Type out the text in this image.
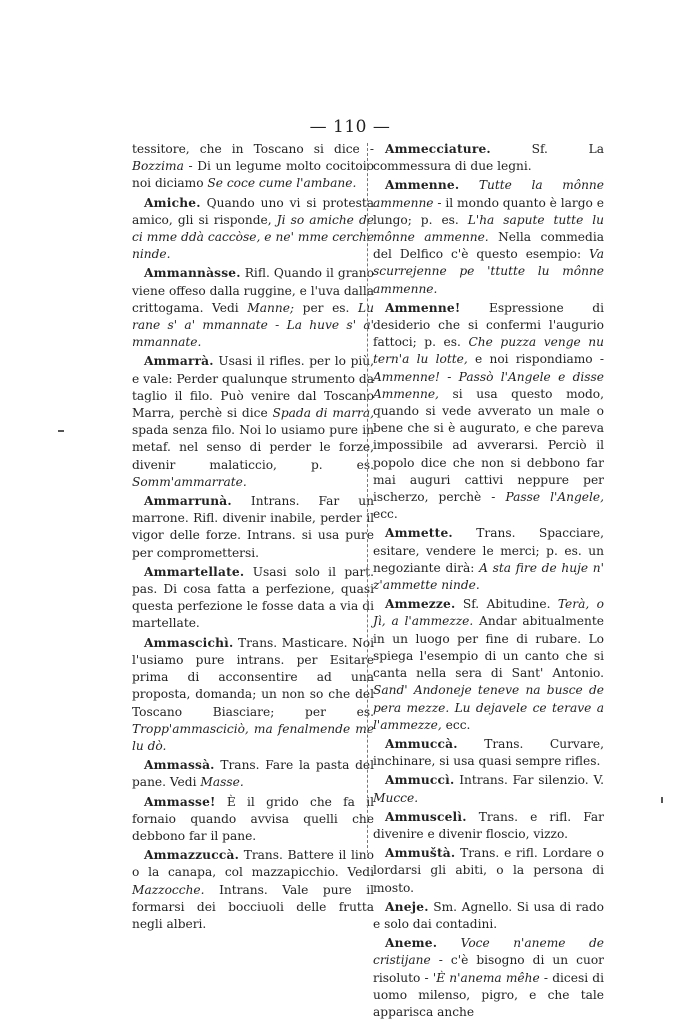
— 110 —

tessitore, che in Toscano si dice - Bozzima - Di un legume molto cocitoio noi diciamo Se coce cume l'ambane.

Amiche. Quando uno vi si protesta amico, gli si risponde, Ji so amiche de ci mme ddà caccòse, e ne' mme cerche ninde.

Ammannàsse. Rifl. Quando il grano viene offeso dalla ruggine, e l'uva dalla crittogama. Vedi Manne; per es. Lu rane s' a' mmannate - La huve s' a' mmannate.

Ammarrà. Usasi il rifles. per lo più, e vale: Perder qualunque strumento da taglio il filo. Può venire dal Toscano Marra, perchè si dice Spada di marra, spada senza filo. Noi lo usiamo pure in metaf. nel senso di perder le forze, divenir malaticcio, p. es. Somm'ammarrate.

Ammarrunà. Intrans. Far un marrone. Rifl. divenir inabile, perder il vigor delle forze. Intrans. si usa pure per compromettersi.

Ammartellate. Usasi solo il part. pas. Di cosa fatta a perfezione, quasi questa perfezione le fosse data a via di martellate.

Ammascichì. Trans. Masticare. Noi l'usiamo pure intrans. per Esitare prima di acconsentire ad una proposta, domanda; un non so che del Toscano Biasciare; per es. Tropp'ammasciciò, ma fenalmende me lu dò.

Ammassà. Trans. Fare la pasta del pane. Vedi Masse.

Ammasse! È il grido che fa il fornaio quando avvisa quelli che debbono far il pane.

Ammazzuccà. Trans. Battere il lino o la canapa, col mazzapicchio. Vedi Mazzocche. Intrans. Vale pure il formarsi dei bocciuoli delle frutta negli alberi.

Ammecciature. Sf. La commessura di due legni.

Ammenne. Tutte la mônne ammenne - il mondo quanto è largo e lungo; p. es. L'ha sapute tutte lu mônne ammenne. Nella commedia del Delfico c'è questo esempio: Va scurrejenne pe 'ttutte lu mônne ammenne.

Ammenne! Espressione di desiderio che si confermi l'augurio fattoci; p. es. Che puzza venge nu tern'a lu lotte, e noi rispondiamo - Ammenne! - Passò l'Angele e disse Ammenne, si usa questo modo, quando si vede avverato un male o bene che si è augurato, e che pareva impossibile ad avverarsi. Perciò il popolo dice che non si debbono far mai auguri cattivi neppure per ischerzo, perchè - Passe l'Angele, ecc.

Ammette. Trans. Spacciare, esitare, vendere le merci; p. es. un negoziante dirà: A sta fire de huje n' z'ammette ninde.

Ammezze. Sf. Abitudine. Terà, o Jì, a l'ammezze. Andar abitualmente in un luogo per fine di rubare. Lo spiega l'esempio di un canto che si canta nella sera di Sant' Antonio. Sand' Andoneje teneve na busce de pera mezze. Lu dejavele ce terave a l'ammezze, ecc.

Ammuccà. Trans. Curvare, inchinare, si usa quasi sempre rifles.

Ammuccì. Intrans. Far silenzio. V. Mucce.

Ammuscelì. Trans. e rifl. Far divenire e divenir floscio, vizzo.

Ammuštà. Trans. e rifl. Lordare o lordarsi gli abiti, o la persona di mosto.

Aneje. Sm. Agnello. Si usa di rado e solo dai contadini.

Aneme. Voce n'aneme de cristijane - c'è bisogno di un cuor risoluto - 'È n'anema mêhe - dicesi di uomo milenso, pigro, e che tale apparisca anche
